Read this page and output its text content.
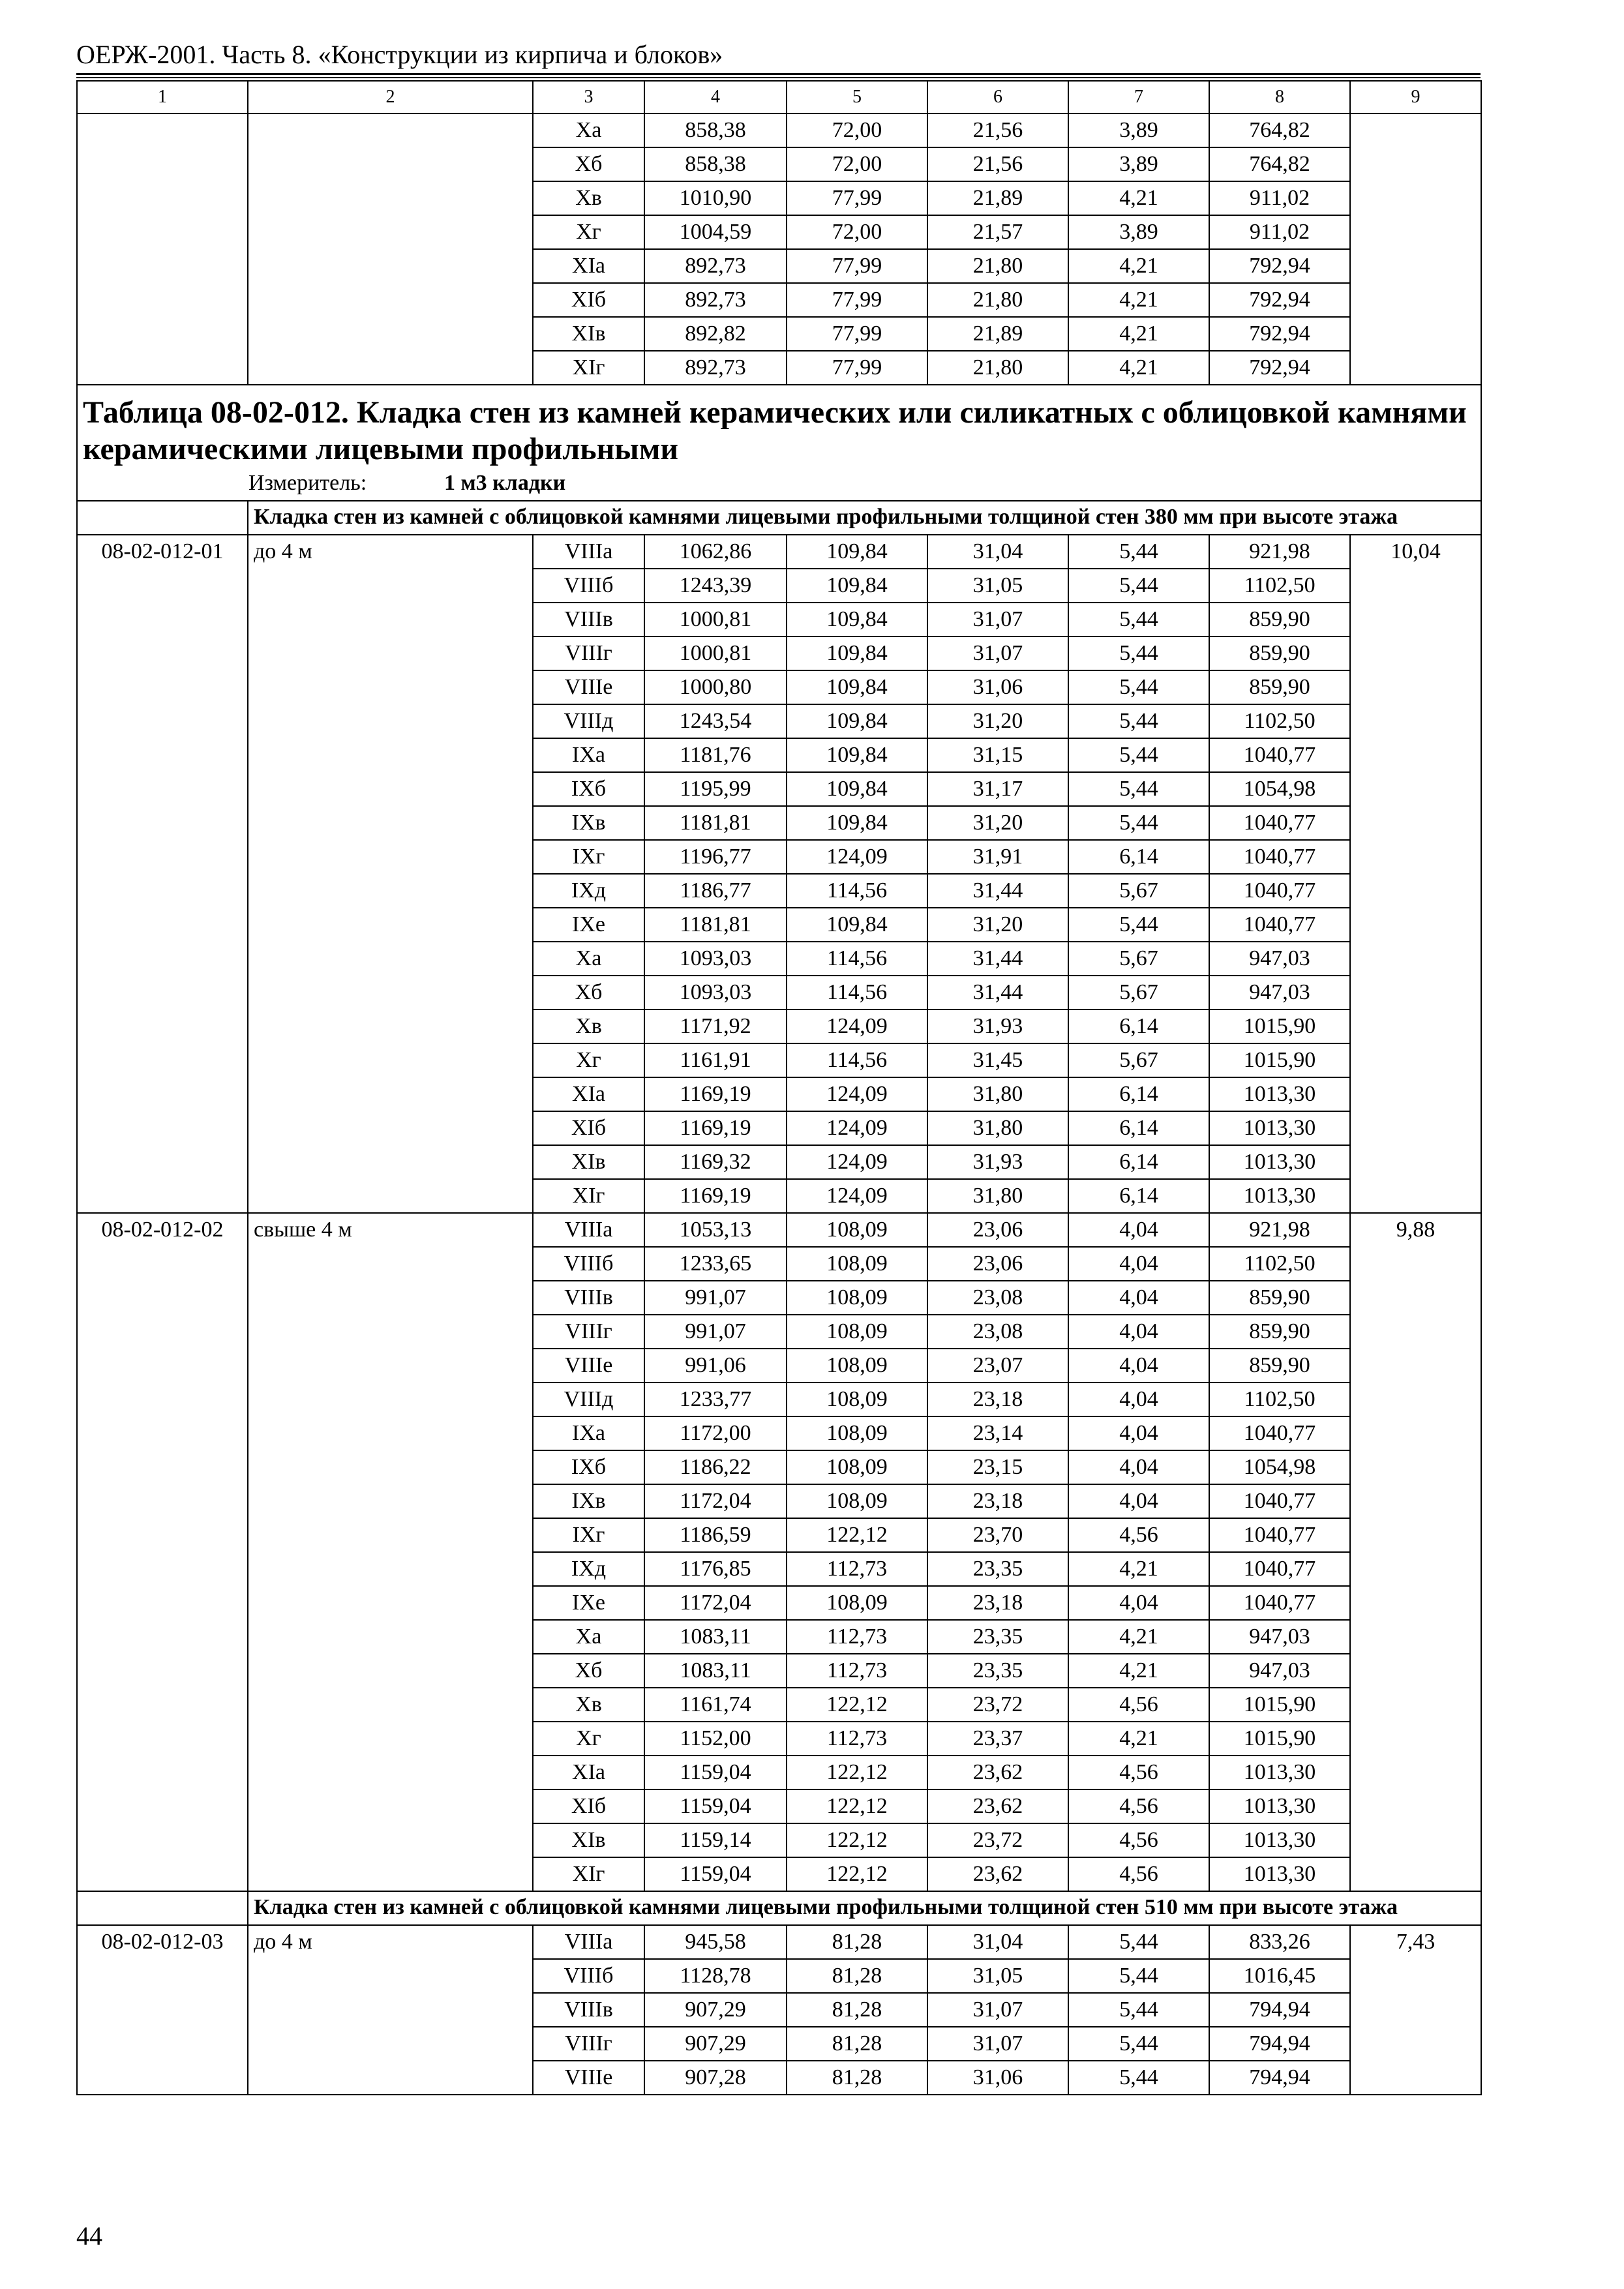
ОЕРЖ-2001. Часть 8. «Конструкции из кирпича и блоков»
1	2	3	4	5	6	7	8	9
		Xа	858,38	72,00	21,56	3,89	764,82	
		Xб	858,38	72,00	21,56	3,89	764,82	
		Xв	1010,90	77,99	21,89	4,21	911,02	
		Xг	1004,59	72,00	21,57	3,89	911,02	
		XIа	892,73	77,99	21,80	4,21	792,94	
		XIб	892,73	77,99	21,80	4,21	792,94	
		XIв	892,82	77,99	21,89	4,21	792,94	
		XIг	892,73	77,99	21,80	4,21	792,94	

Таблица 08-02-012. Кладка стен из камней керамических или силикатных с облицовкой камнями керамическими лицевыми профильными
Измеритель: 1 м3 кладки								

	Кладка стен из камней с облицовкой камнями лицевыми профильными толщиной стен 380 мм при высоте этажа							
08-02-012-01	до 4 м	VIIIа	1062,86	109,84	31,04	5,44	921,98	10,04
		VIIIб	1243,39	109,84	31,05	5,44	1102,50	
		VIIIв	1000,81	109,84	31,07	5,44	859,90	
		VIIIг	1000,81	109,84	31,07	5,44	859,90	
		VIIIе	1000,80	109,84	31,06	5,44	859,90	
		VIIIд	1243,54	109,84	31,20	5,44	1102,50	
		IXа	1181,76	109,84	31,15	5,44	1040,77	
		IXб	1195,99	109,84	31,17	5,44	1054,98	
		IXв	1181,81	109,84	31,20	5,44	1040,77	
		IXг	1196,77	124,09	31,91	6,14	1040,77	
		IXд	1186,77	114,56	31,44	5,67	1040,77	
		IXе	1181,81	109,84	31,20	5,44	1040,77	
		Xа	1093,03	114,56	31,44	5,67	947,03	
		Xб	1093,03	114,56	31,44	5,67	947,03	
		Xв	1171,92	124,09	31,93	6,14	1015,90	
		Xг	1161,91	114,56	31,45	5,67	1015,90	
		XIа	1169,19	124,09	31,80	6,14	1013,30	
		XIб	1169,19	124,09	31,80	6,14	1013,30	
		XIв	1169,32	124,09	31,93	6,14	1013,30	
		XIг	1169,19	124,09	31,80	6,14	1013,30	
08-02-012-02	свыше 4 м	VIIIа	1053,13	108,09	23,06	4,04	921,98	9,88
		VIIIб	1233,65	108,09	23,06	4,04	1102,50	
		VIIIв	991,07	108,09	23,08	4,04	859,90	
		VIIIг	991,07	108,09	23,08	4,04	859,90	
		VIIIе	991,06	108,09	23,07	4,04	859,90	
		VIIIд	1233,77	108,09	23,18	4,04	1102,50	
		IXа	1172,00	108,09	23,14	4,04	1040,77	
		IXб	1186,22	108,09	23,15	4,04	1054,98	
		IXв	1172,04	108,09	23,18	4,04	1040,77	
		IXг	1186,59	122,12	23,70	4,56	1040,77	
		IXд	1176,85	112,73	23,35	4,21	1040,77	
		IXе	1172,04	108,09	23,18	4,04	1040,77	
		Xа	1083,11	112,73	23,35	4,21	947,03	
		Xб	1083,11	112,73	23,35	4,21	947,03	
		Xв	1161,74	122,12	23,72	4,56	1015,90	
		Xг	1152,00	112,73	23,37	4,21	1015,90	
		XIа	1159,04	122,12	23,62	4,56	1013,30	
		XIб	1159,04	122,12	23,62	4,56	1013,30	
		XIв	1159,14	122,12	23,72	4,56	1013,30	
		XIг	1159,04	122,12	23,62	4,56	1013,30	
	Кладка стен из камней с облицовкой камнями лицевыми профильными толщиной стен 510 мм при высоте этажа							
08-02-012-03	до 4 м	VIIIа	945,58	81,28	31,04	5,44	833,26	7,43
		VIIIб	1128,78	81,28	31,05	5,44	1016,45	
		VIIIв	907,29	81,28	31,07	5,44	794,94	
		VIIIг	907,29	81,28	31,07	5,44	794,94	
		VIIIе	907,28	81,28	31,06	5,44	794,94	
44
